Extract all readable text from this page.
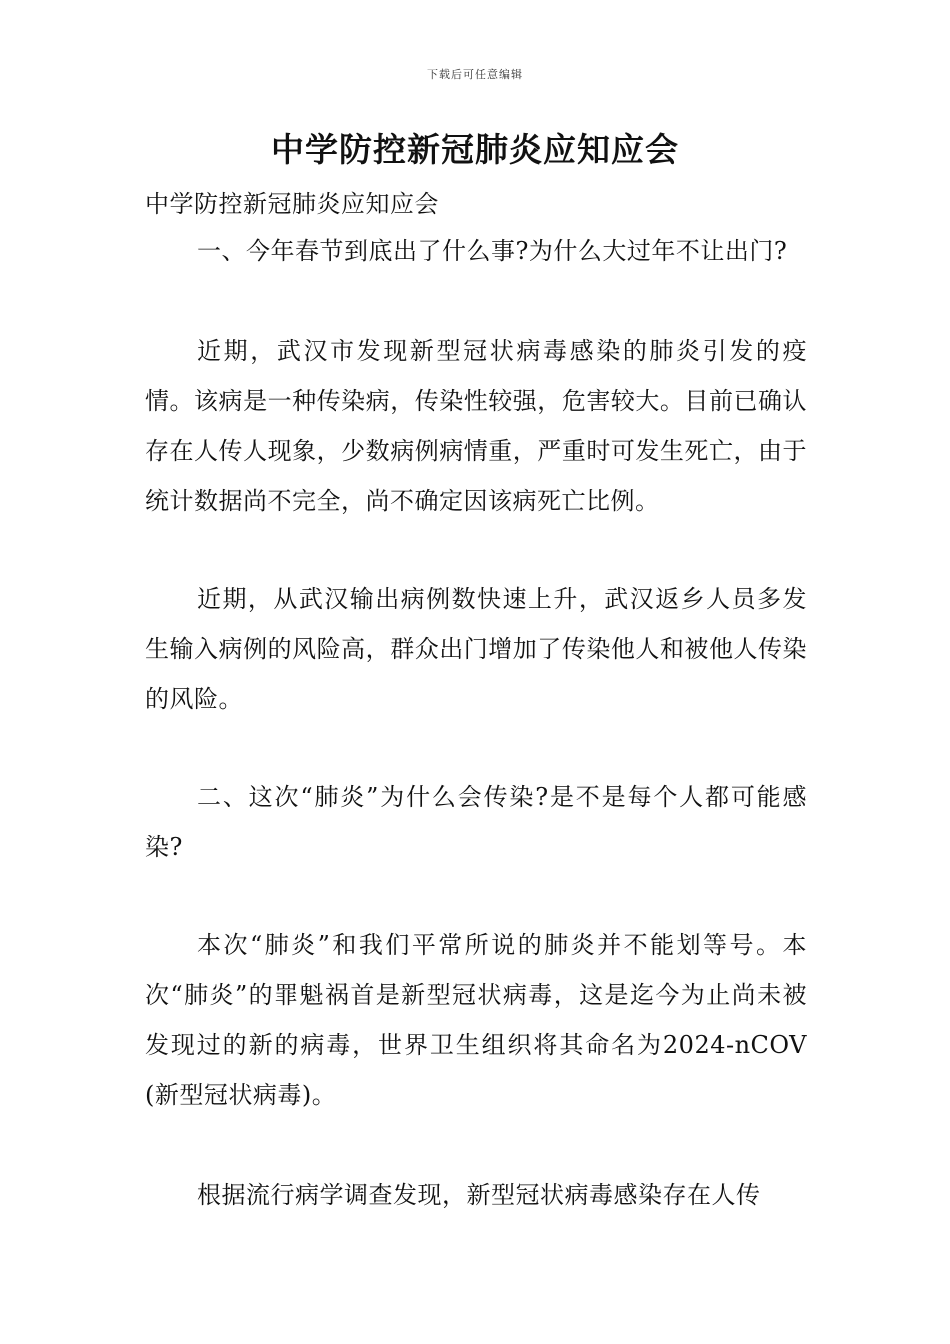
下载后可任意编辑
中学防控新冠肺炎应知应会

中学防控新冠肺炎应知应会

一、今年春节到底出了什么事?为什么大过年不让出门?

近期，武汉市发现新型冠状病毒感染的肺炎引发的疫情。该病是一种传染病，传染性较强，危害较大。目前已确认存在人传人现象，少数病例病情重，严重时可发生死亡，由于统计数据尚不完全，尚不确定因该病死亡比例。

近期，从武汉输出病例数快速上升，武汉返乡人员多发生输入病例的风险高，群众出门增加了传染他人和被他人传染的风险。

二、这次“肺炎”为什么会传染?是不是每个人都可能感染?

本次“肺炎”和我们平常所说的肺炎并不能划等号。本次“肺炎”的罪魁祸首是新型冠状病毒，这是迄今为止尚未被发现过的新的病毒，世界卫生组织将其命名为2024-nCOV(新型冠状病毒)。

根据流行病学调查发现，新型冠状病毒感染存在人传
